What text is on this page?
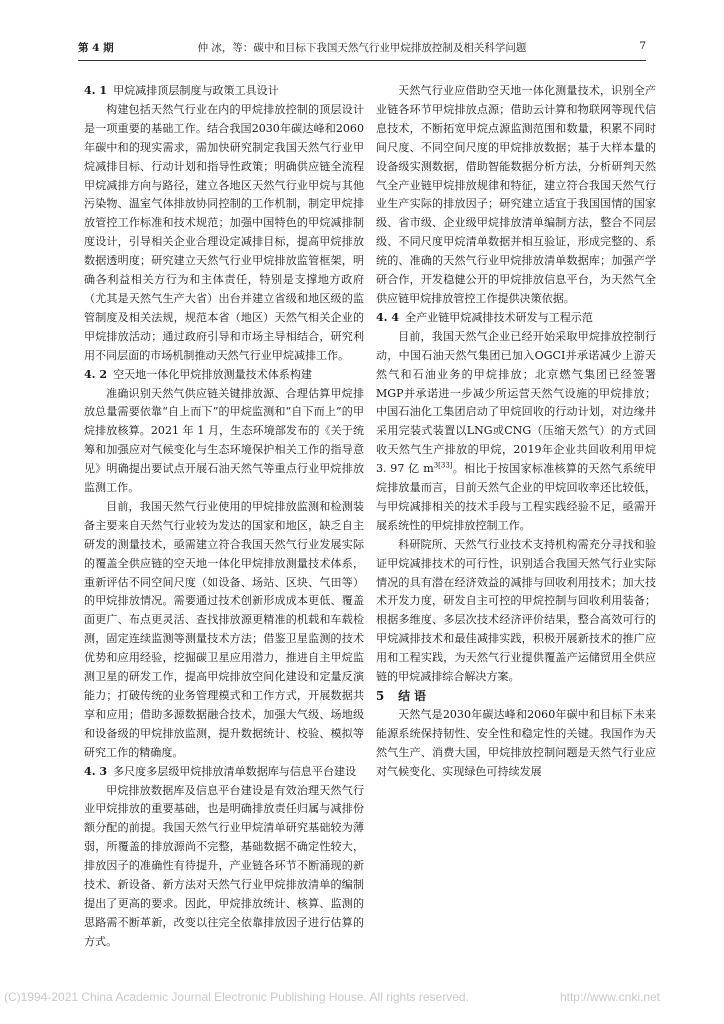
第 4 期	仲 冰，等：碳中和目标下我国天然气行业甲烷排放控制及相关科学问题	7
4. 1 甲烷减排顶层制度与政策工具设计

构建包括天然气行业在内的甲烷排放控制的顶层设计是一项重要的基础工作。结合我国2030年碳达峰和2060年碳中和的现实需求，需加快研究制定我国天然气行业甲烷减排目标、行动计划和指导性政策；明确供应链全流程甲烷减排方向与路径，建立各地区天然气行业甲烷与其他污染物、温室气体排放协同控制的工作机制，制定甲烷排放管控工作标准和技术规范；加强中国特色的甲烷减排制度设计，引导相关企业合理设定减排目标，提高甲烷排放数据透明度；研究建立天然气行业甲烷排放监管框架，明确各利益相关方行为和主体责任，特别是支撑地方政府（尤其是天然气生产大省）出台并建立省级和地区级的监管制度及相关法规，规范本省（地区）天然气相关企业的甲烷排放活动；通过政府引导和市场主导相结合，研究利用不同层面的市场机制推动天然气行业甲烷减排工作。

4. 2 空天地一体化甲烷排放测量技术体系构建

准确识别天然气供应链关键排放源、合理估算甲烷排放总量需要依靠“自上而下”的甲烷监测和“自下而上”的甲烷排放核算。2021 年 1 月，生态环境部发布的《关于统筹和加强应对气候变化与生态环境保护相关工作的指导意见》明确提出要试点开展石油天然气等重点行业甲烷排放监测工作。

目前，我国天然气行业使用的甲烷排放监测和检测装备主要来自天然气行业较为发达的国家和地区，缺乏自主研发的测量技术，亟需建立符合我国天然气行业发展实际的覆盖全供应链的空天地一体化甲烷排放测量技术体系，重新评估不同空间尺度（如设备、场站、区块、气田等）的甲烷排放情况。需要通过技术创新形成成本更低、覆盖面更广、布点更灵活、查找排放源更精准的机载和车载检测，固定连续监测等测量技术方法；借鉴卫星监测的技术优势和应用经验，挖掘碳卫星应用潜力，推进自主甲烷监测卫星的研发工作，提高甲烷排放空间化建设和定量反演能力；打破传统的业务管理模式和工作方式，开展数据共享和应用；借助多源数据融合技术，加强大气级、场地级和设备级的甲烷排放监测，提升数据统计、校验、模拟等研究工作的精确度。

4. 3 多尺度多层级甲烷排放清单数据库与信息平台建设

甲烷排放数据库及信息平台建设是有效治理天然气行业甲烷排放的重要基础，也是明确排放责任归属与减排份额分配的前提。我国天然气行业甲烷清单研究基础较为薄弱，所覆盖的排放源尚不完整，基础数据不确定性较大，排放因子的准确性有待提升，产业链各环节不断涌现的新技术、新设备、新方法对天然气行业甲烷排放清单的编制提出了更高的要求。因此，甲烷排放统计、核算、监测的思路需不断革新，改变以往完全依靠排放因子进行估算的方式。

天然气行业应借助空天地一体化测量技术，识别全产业链各环节甲烷排放点源；借助云计算和物联网等现代信息技术，不断拓宽甲烷点源监测范围和数量，积累不同时间尺度、不同空间尺度的甲烷排放数据；基于大样本量的设备级实测数据，借助智能数据分析方法，分析研判天然气全产业链甲烷排放规律和特征，建立符合我国天然气行业生产实际的排放因子；研究建立适宜于我国国情的国家级、省市级、企业级甲烷排放清单编制方法，整合不同层级、不同尺度甲烷清单数据并相互验证，形成完整的、系统的、准确的天然气行业甲烷排放清单数据库；加强产学研合作，开发稳健公开的甲烷排放信息平台，为天然气全供应链甲烷排放管控工作提供决策依据。

4. 4 全产业链甲烷减排技术研发与工程示范

目前，我国天然气企业已经开始采取甲烷排放控制行动，中国石油天然气集团已加入OGCI并承诺减少上游天然气和石油业务的甲烷排放；北京燃气集团已经签署MGP并承诺进一步减少所运营天然气设施的甲烷排放；中国石油化工集团启动了甲烷回收的行动计划，对边缘井采用完装式装置以LNG或CNG（压缩天然气）的方式回收天然气生产排放的甲烷，2019年企业共回收利用甲烷3. 97 亿 $m^{3[33]}$。相比于按国家标准核算的天然气系统甲烷排放量而言，目前天然气企业的甲烷回收率还比较低，与甲烷减排相关的技术手段与工程实践经验不足，亟需开展系统性的甲烷排放控制工作。

科研院所、天然气行业技术支持机构需充分寻找和验证甲烷减排技术的可行性，识别适合我国天然气行业实际情况的具有潜在经济效益的减排与回收利用技术；加大技术开发力度，研发自主可控的甲烷控制与回收利用装备；根据多维度、多层次技术经济评价结果，整合高效可行的甲烷减排技术和最佳减排实践，积极开展新技术的推广应用和工程实践，为天然气行业提供覆盖产运储贸用全供应链的甲烷减排综合解决方案。

5 结 语

天然气是2030年碳达峰和2060年碳中和目标下未来能源系统保持韧性、安全性和稳定性的关键。我国作为天然气生产、消费大国，甲烷排放控制问题是天然气行业应对气候变化、实现绿色可持续发展

(C)1994-2021 China Academic Journal Electronic Publishing House. All rights reserved.	http://www.cnki.net
